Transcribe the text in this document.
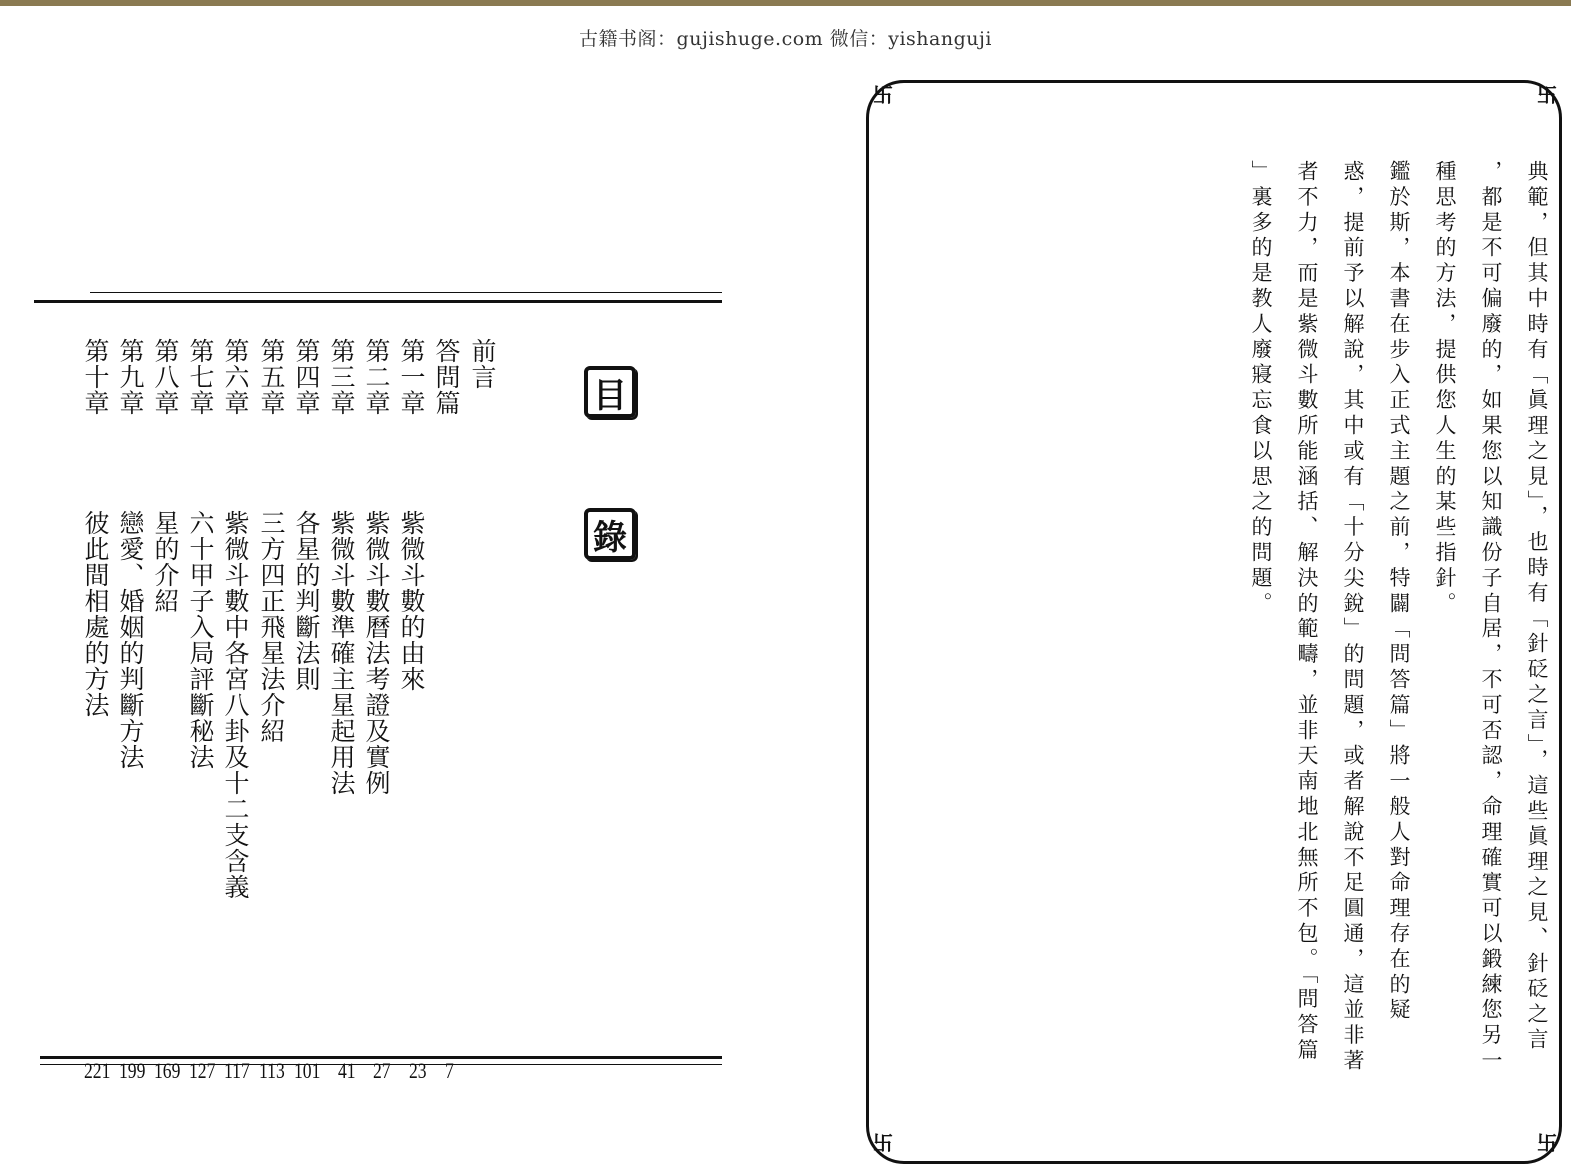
古籍书阁：gujishuge.com 微信：yishanguji
目
錄
前言
答問篇
第一章
第二章
第三章
第四章
第五章
第六章
第七章
第八章
第九章
第十章
紫微斗數的由來
紫微斗數曆法考證及實例
紫微斗數準確主星起用法
各星的判斷法則
三方四正飛星法介紹
紫微斗數中各宮八卦及十二支含義
六十甲子入局評斷秘法
星的介紹
戀愛、婚姻的判斷方法
彼此間相處的方法
7
23
27
41
101
113
117
127
169
199
221
卐	卐
卐	卐
典範，但其中時有「眞理之見」，也時有「針砭之言」，這些眞理之見、針砭之言
，都是不可偏廢的，如果您以知識份子自居，不可否認，命理確實可以鍛練您另一
種思考的方法，提供您人生的某些指針。
鑑於斯，本書在步入正式主題之前，特闢「問答篇」將一般人對命理存在的疑
惑，提前予以解說，其中或有「十分尖銳」的問題，或者解說不足圓通，這並非著
者不力，而是紫微斗數所能涵括、解決的範疇，並非天南地北無所不包。「問答篇
」裏多的是教人廢寢忘食以思之的問題。
